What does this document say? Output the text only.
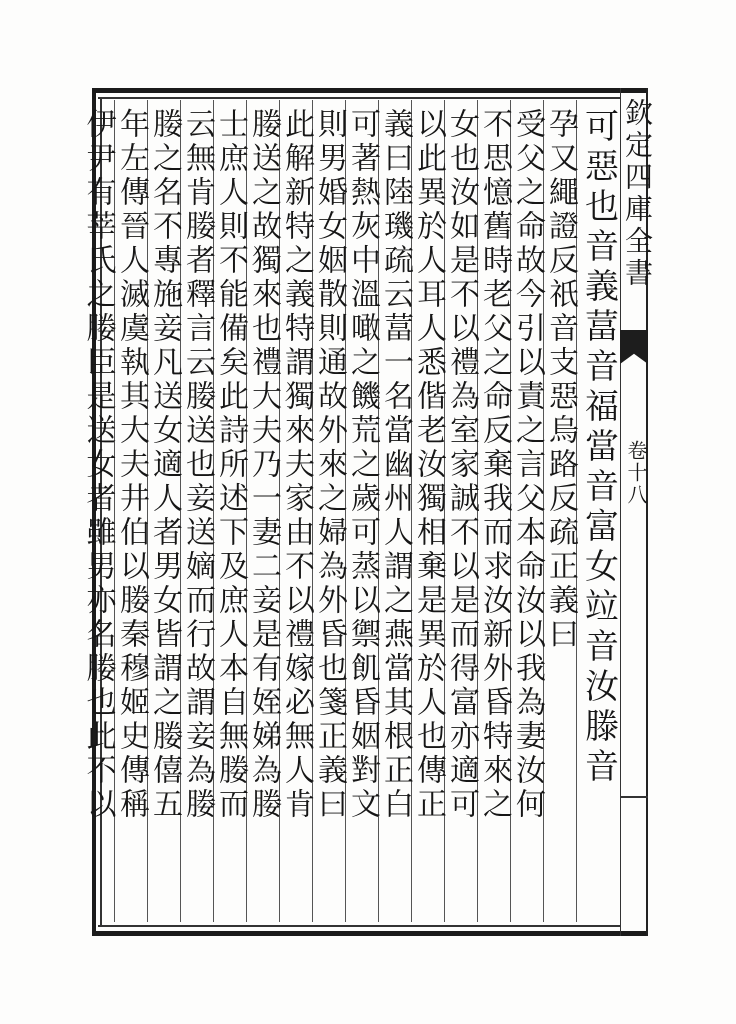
欽定四庫全書
卷十八
可惡也音義葍音福當音富女竝音汝滕音
孕又繩證反祇音支惡烏路反疏正義曰
受父之命故今引以責之言父本命汝以我為妻汝何
不思憶舊時老父之命反棄我而求汝新外昏特來之
女也汝如是不以禮為室家誠不以是而得富亦適可
以此異於人耳人悉偕老汝獨相棄是異於人也傳正
義曰陸璣疏云葍一名當幽州人謂之燕當其根正白
可著熱灰中溫噉之饑荒之歲可蒸以禦飢昏姻對文
則男婚女姻散則通故外來之婦為外昏也箋正義曰
此解新特之義特謂獨來夫家由不以禮嫁必無人肯
媵送之故獨來也禮大夫乃一妻二妾是有姪娣為媵
士庶人則不能備矣此詩所述下及庶人本自無媵而
云無肯媵者釋言云媵送也妾送嫡而行故謂妾為媵
媵之名不專施妾凡送女適人者男女皆謂之媵僖五
年左傳晉人滅虞執其大夫井伯以媵秦穆姬史傳稱
伊尹有莘氏之媵臣是送女者雖男亦名媵也此不以
